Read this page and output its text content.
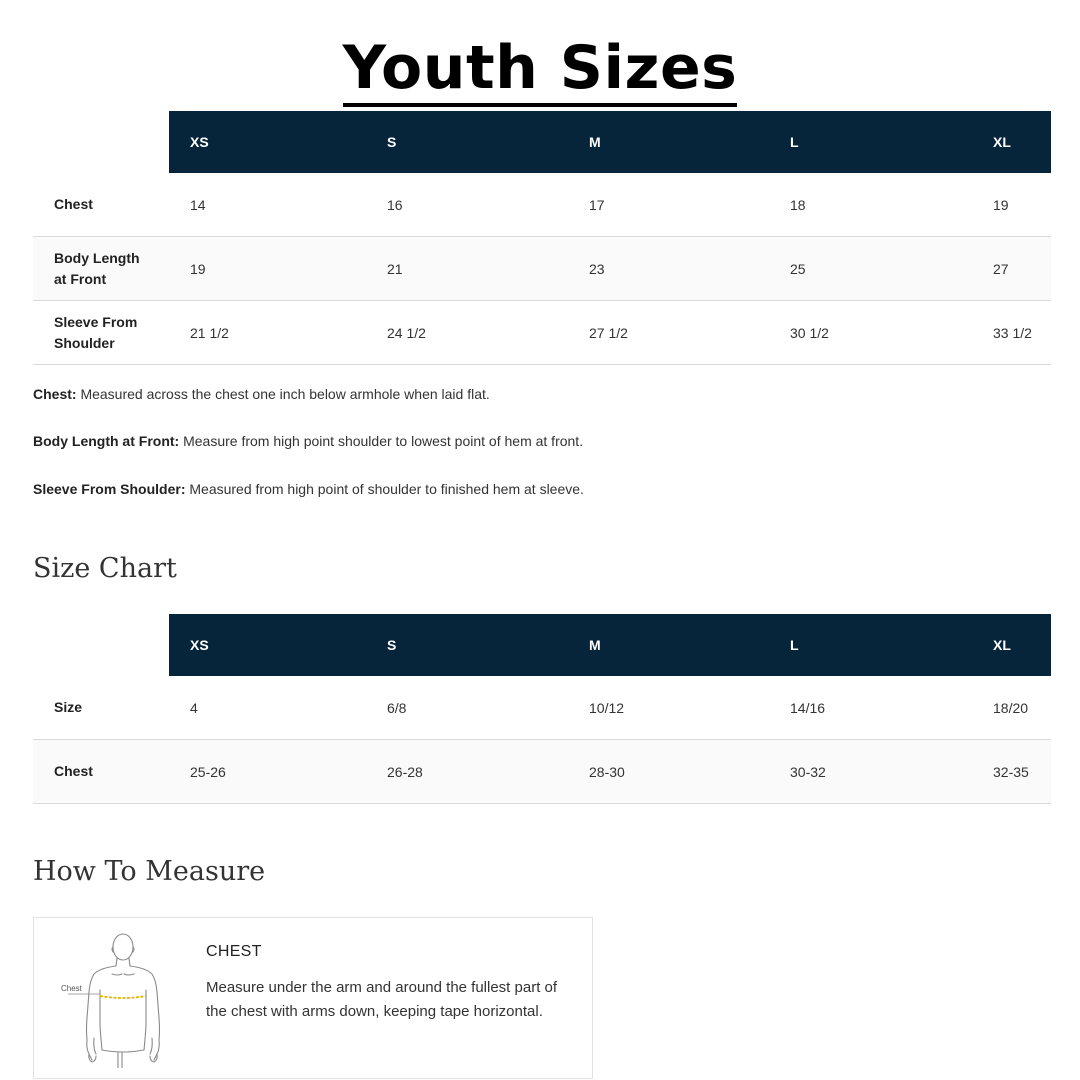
Youth Sizes
	XS	S	M	L	XL
Chest	14	16	17	18	19
Body Length at Front	19	21	23	25	27
Sleeve From Shoulder	21 1/2	24 1/2	27 1/2	30 1/2	33 1/2
Chest: Measured across the chest one inch below armhole when laid flat.
Body Length at Front: Measure from high point shoulder to lowest point of hem at front.
Sleeve From Shoulder: Measured from high point of shoulder to finished hem at sleeve.
Size Chart
	XS	S	M	L	XL
Size	4	6/8	10/12	14/16	18/20
Chest	25-26	26-28	28-30	30-32	32-35
How To Measure
Chest
CHEST
Measure under the arm and around the fullest part of the chest with arms down, keeping tape horizontal.
